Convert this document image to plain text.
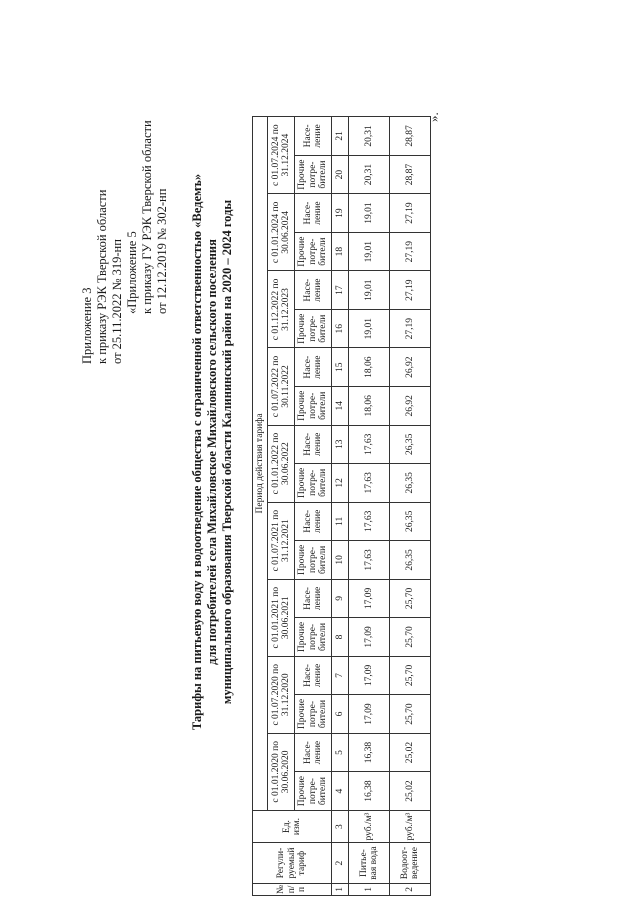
Приложение 3 к приказу РЭК Тверской области от 25.11.2022 № 319-нп «Приложение 5 к приказу ГУ РЭК Тверской области от 12.12.2019 № 302-нп Тарифы на питьевую воду и водоотведение общества с ограниченной ответственностью «Ведемъ» для потребителей села Михайловское Михайловского сельского поселения муниципального образования Тверской области Калининский район на 2020 – 2024 годы
№ п/п	Регули-руемый тариф	Ед. изм.	Период действия тарифа																	
			с 01.01.2020 по 30.06.2020		с 01.07.2020 по 31.12.2020		с 01.01.2021 по 30.06.2021		с 01.07.2021 по 31.12.2021		с 01.01.2022 по 30.06.2022		с 01.07.2022 по 30.11.2022		с 01.12.2022 по 31.12.2023		с 01.01.2024 по 30.06.2024		с 01.07.2024 по 31.12.2024	
			Прочие потре-бители	Насе-ление	Прочие потре-бители	Насе-ление	Прочие потре-бители	Насе-ление	Прочие потре-бители	Насе-ление	Прочие потре-бители	Насе-ление	Прочие потре-бители	Насе-ление	Прочие потре-бители	Насе-ление	Прочие потре-бители	Насе-ление	Прочие потре-бители	Насе-ление
1	2	3	4	5	6	7	8	9	10	11	12	13	14	15	16	17	18	19	20	21
1	Питье-вая вода	руб./м³	16,38	16,38	17,09	17,09	17,09	17,09	17,63	17,63	17,63	17,63	18,06	18,06	19,01	19,01	19,01	19,01	20,31	20,31
2	Водоот-ведение	руб./м³	25,02	25,02	25,70	25,70	25,70	25,70	26,35	26,35	26,35	26,35	26,92	26,92	27,19	27,19	27,19	27,19	28,87	28,87
».
